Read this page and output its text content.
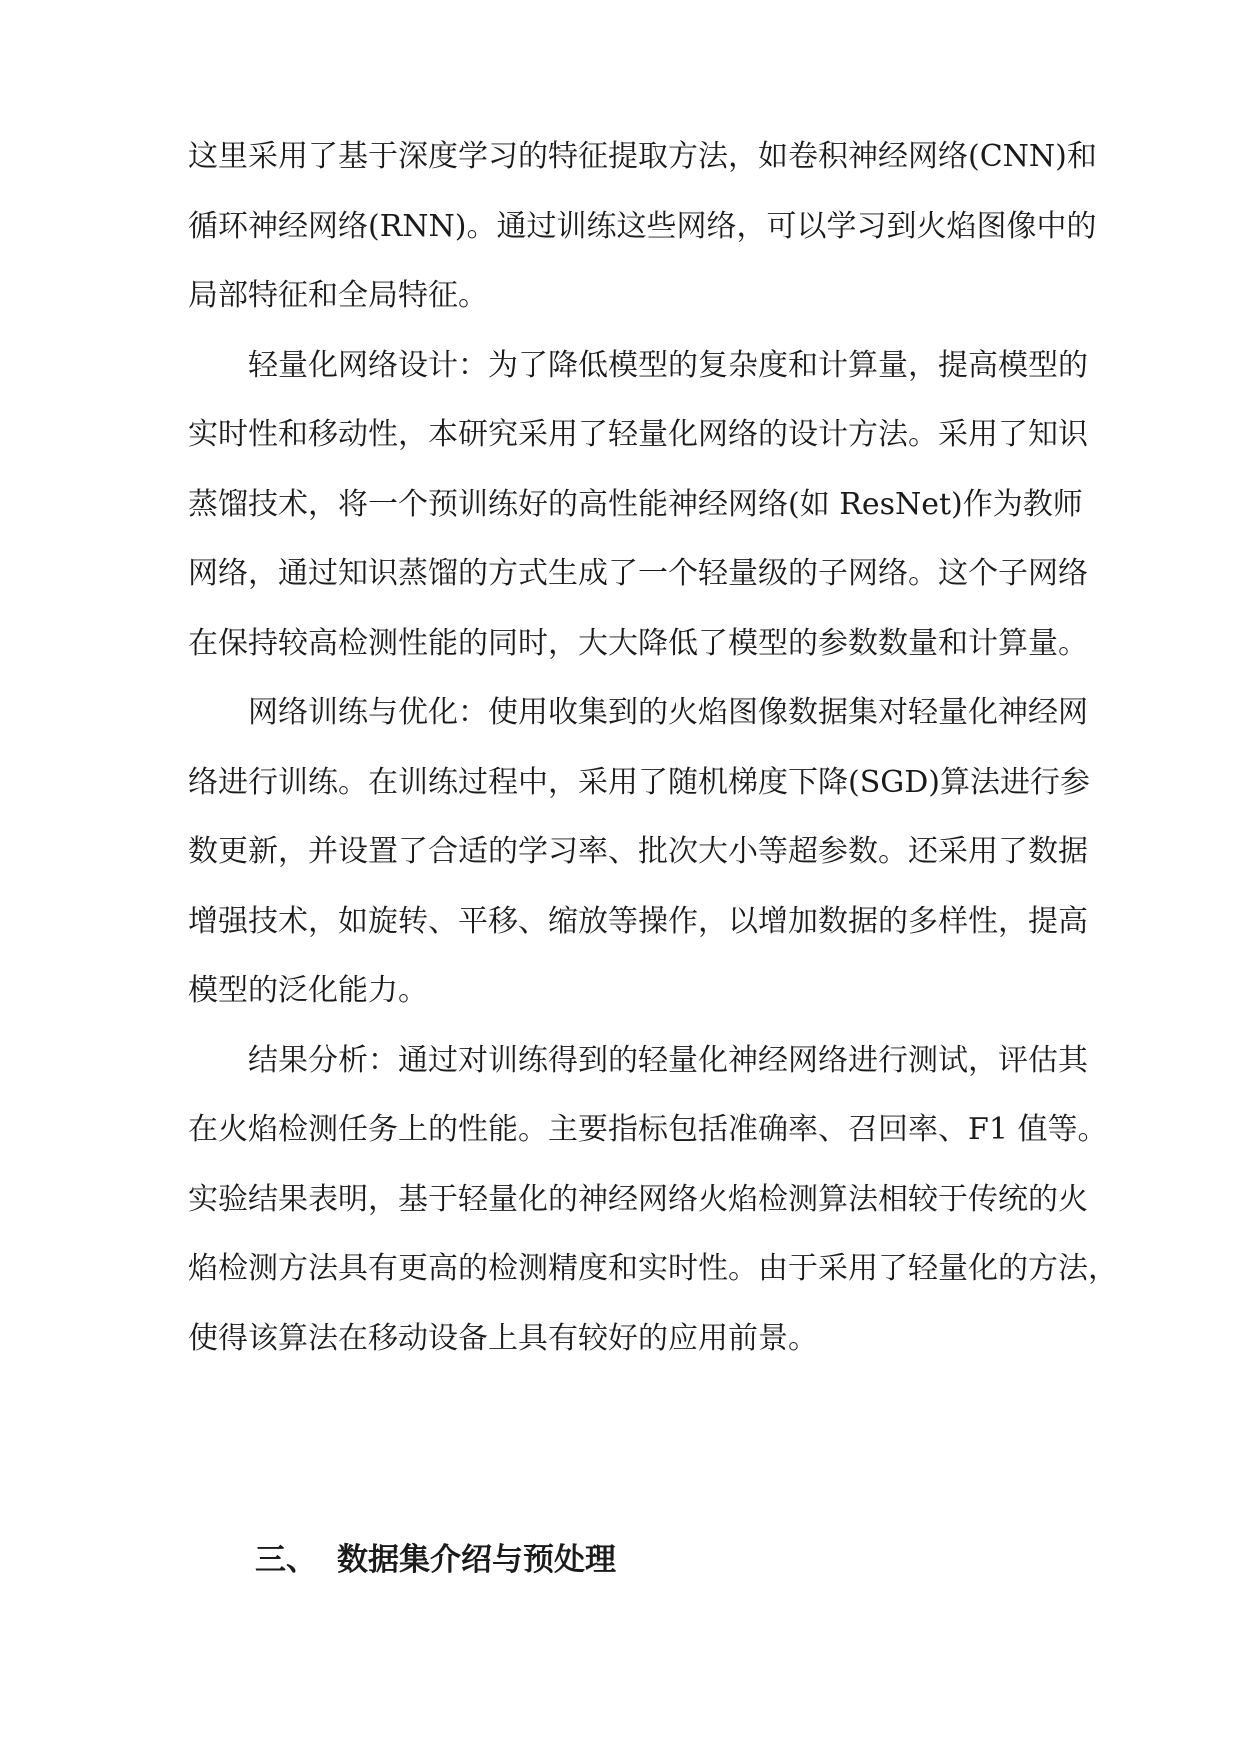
这里采用了基于深度学习的特征提取方法，如卷积神经网络(CNN)和
循环神经网络(RNN)。通过训练这些网络，可以学习到火焰图像中的
局部特征和全局特征。
轻量化网络设计：为了降低模型的复杂度和计算量，提高模型的
实时性和移动性，本研究采用了轻量化网络的设计方法。采用了知识
蒸馏技术，将一个预训练好的高性能神经网络(如 ResNet)作为教师
网络，通过知识蒸馏的方式生成了一个轻量级的子网络。这个子网络
在保持较高检测性能的同时，大大降低了模型的参数数量和计算量。
网络训练与优化：使用收集到的火焰图像数据集对轻量化神经网
络进行训练。在训练过程中，采用了随机梯度下降(SGD)算法进行参
数更新，并设置了合适的学习率、批次大小等超参数。还采用了数据
增强技术，如旋转、平移、缩放等操作，以增加数据的多样性，提高
模型的泛化能力。
结果分析：通过对训练得到的轻量化神经网络进行测试，评估其
在火焰检测任务上的性能。主要指标包括准确率、召回率、F1 值等。
实验结果表明，基于轻量化的神经网络火焰检测算法相较于传统的火
焰检测方法具有更高的检测精度和实时性。由于采用了轻量化的方法，
使得该算法在移动设备上具有较好的应用前景。
三、 数据集介绍与预处理
